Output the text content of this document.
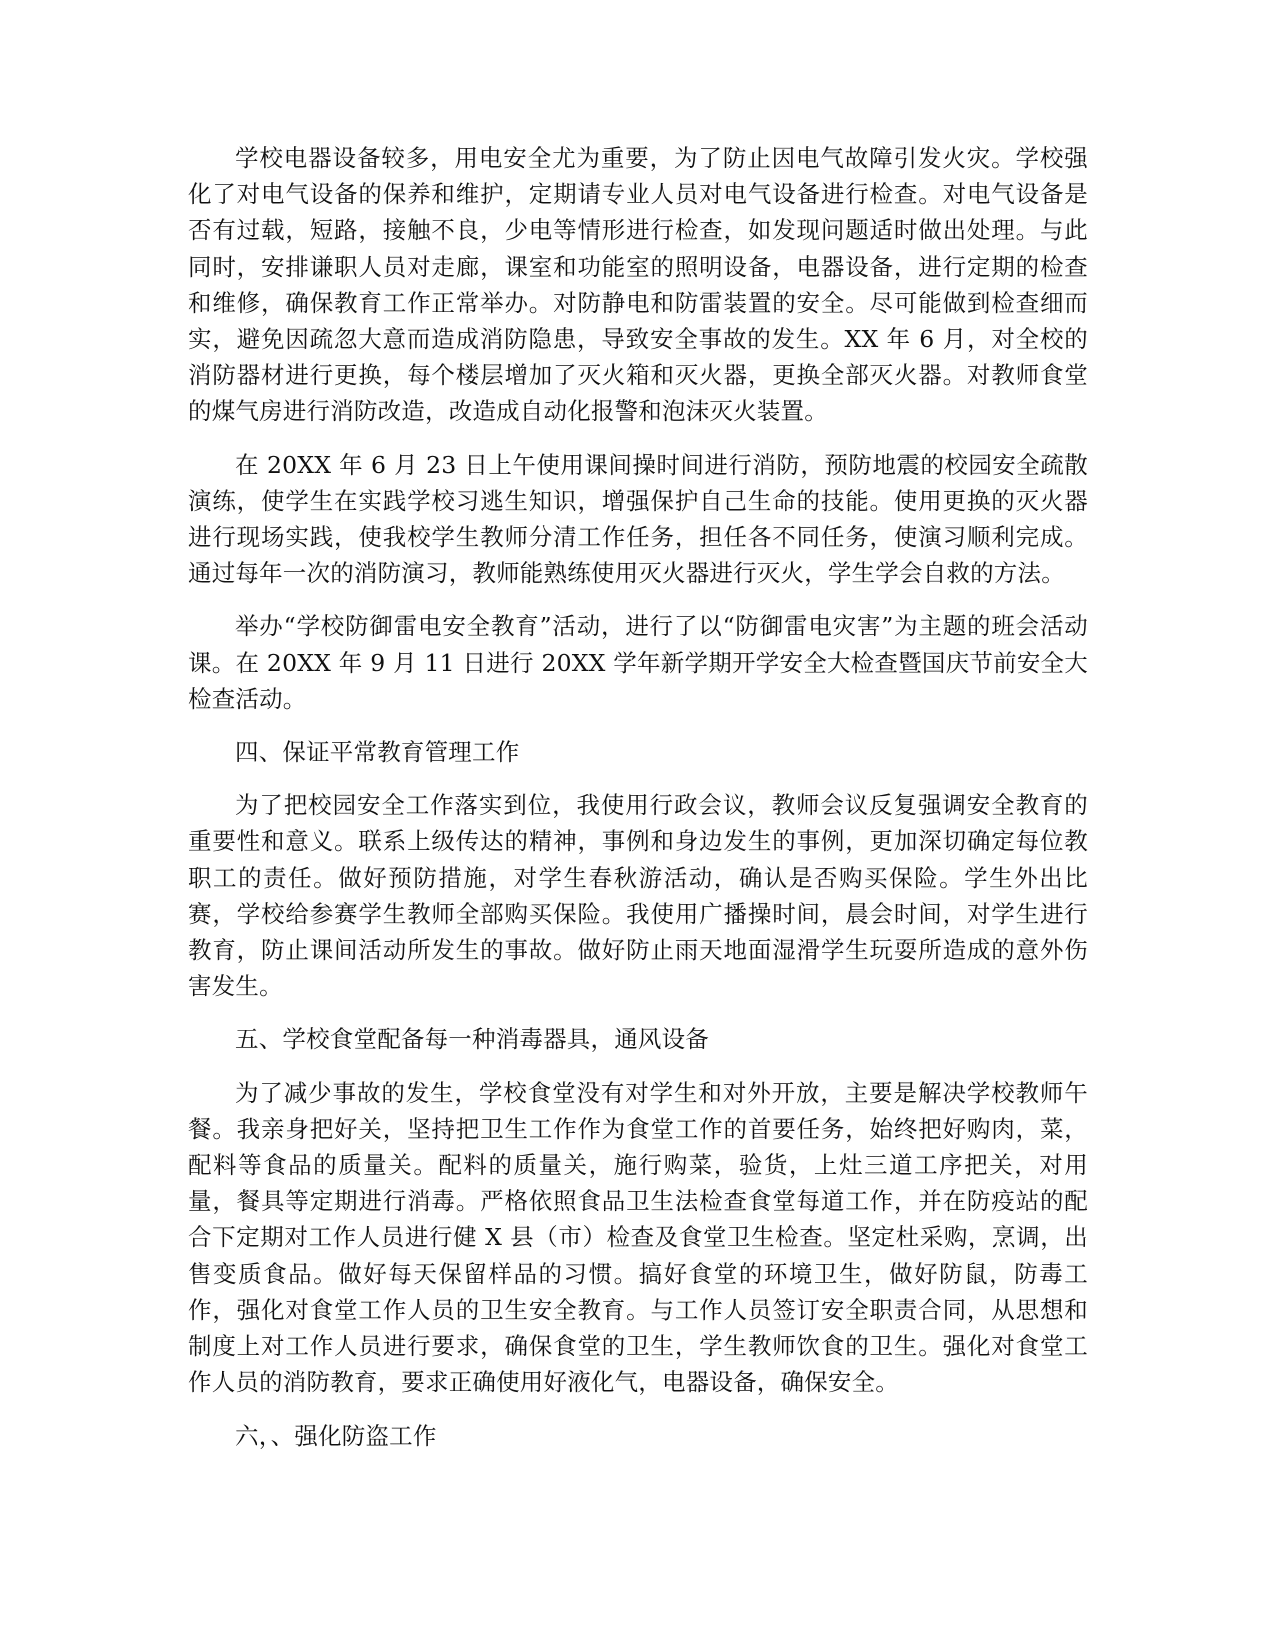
学校电器设备较多，用电安全尤为重要，为了防止因电气故障引发火灾。学校强化了对电气设备的保养和维护，定期请专业人员对电气设备进行检查。对电气设备是否有过载，短路，接触不良，少电等情形进行检查，如发现问题适时做出处理。与此同时，安排谦职人员对走廊，课室和功能室的照明设备，电器设备，进行定期的检查和维修，确保教育工作正常举办。对防静电和防雷装置的安全。尽可能做到检查细而实，避免因疏忽大意而造成消防隐患，导致安全事故的发生。XX 年 6 月，对全校的消防器材进行更换，每个楼层增加了灭火箱和灭火器，更换全部灭火器。对教师食堂的煤气房进行消防改造，改造成自动化报警和泡沫灭火装置。

在 20XX 年 6 月 23 日上午使用课间操时间进行消防，预防地震的校园安全疏散演练，使学生在实践学校习逃生知识，增强保护自己生命的技能。使用更换的灭火器进行现场实践，使我校学生教师分清工作任务，担任各不同任务，使演习顺利完成。通过每年一次的消防演习，教师能熟练使用灭火器进行灭火，学生学会自救的方法。

举办“学校防御雷电安全教育”活动，进行了以“防御雷电灾害”为主题的班会活动课。在 20XX 年 9 月 11 日进行 20XX 学年新学期开学安全大检查暨国庆节前安全大检查活动。

四、保证平常教育管理工作

为了把校园安全工作落实到位，我使用行政会议，教师会议反复强调安全教育的重要性和意义。联系上级传达的精神，事例和身边发生的事例，更加深切确定每位教职工的责任。做好预防措施，对学生春秋游活动，确认是否购买保险。学生外出比赛，学校给参赛学生教师全部购买保险。我使用广播操时间，晨会时间，对学生进行教育，防止课间活动所发生的事故。做好防止雨天地面湿滑学生玩耍所造成的意外伤害发生。

五、学校食堂配备每一种消毒器具，通风设备

为了减少事故的发生，学校食堂没有对学生和对外开放，主要是解决学校教师午餐。我亲身把好关，坚持把卫生工作作为食堂工作的首要任务，始终把好购肉，菜，配料等食品的质量关。配料的质量关，施行购菜，验货，上灶三道工序把关，对用量，餐具等定期进行消毒。严格依照食品卫生法检查食堂每道工作，并在防疫站的配合下定期对工作人员进行健 X 县（市）检查及食堂卫生检查。坚定杜采购，烹调，出售变质食品。做好每天保留样品的习惯。搞好食堂的环境卫生，做好防鼠，防毒工作，强化对食堂工作人员的卫生安全教育。与工作人员签订安全职责合同，从思想和制度上对工作人员进行要求，确保食堂的卫生，学生教师饮食的卫生。强化对食堂工作人员的消防教育，要求正确使用好液化气，电器设备，确保安全。

六，、强化防盗工作
